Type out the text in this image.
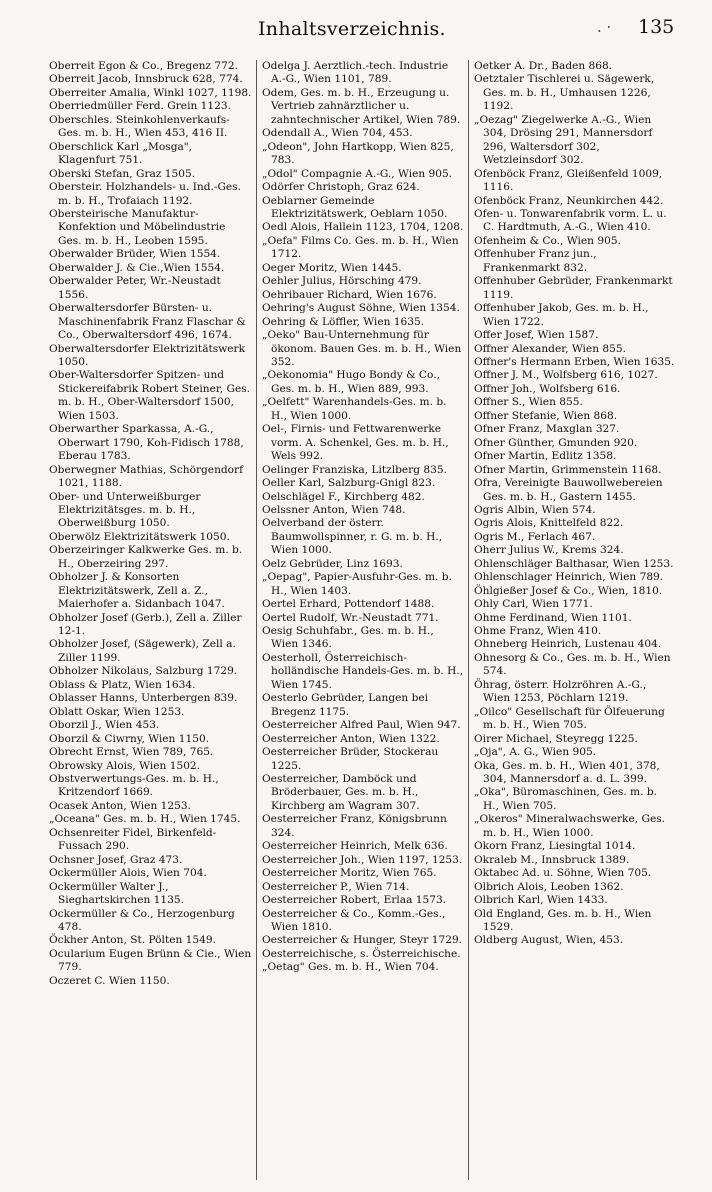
Inhaltsverzeichnis.	. · 135

Oberreit Egon & Co., Bregenz 772.

Oberreit Jacob, Innsbruck 628, 774.

Oberreiter Amalia, Winkl 1027, 1198.

Oberriedmüller Ferd. Grein 1123.

Oberschles. Steinkohlenverkaufs-Ges. m. b. H., Wien 453, 416 II.

Oberschlick Karl „Mosga", Klagenfurt 751.

Oberski Stefan, Graz 1505.

Obersteir. Holzhandels- u. Ind.-Ges. m. b. H., Trofaiach 1192.

Obersteirische Manufaktur-Konfektion und Möbelindustrie Ges. m. b. H., Leoben 1595.

Oberwalder Brüder, Wien 1554.

Oberwalder J. & Cie.,Wien 1554.

Oberwalder Peter, Wr.-Neustadt 1556.

Oberwaltersdorfer Bürsten- u. Maschinenfabrik Franz Flaschar & Co., Oberwaltersdorf 496, 1674.

Oberwaltersdorfer Elektrizitätswerk 1050.

Ober-Waltersdorfer Spitzen- und Stickereifabrik Robert Steiner, Ges. m. b. H., Ober-Waltersdorf 1500, Wien 1503.

Oberwarther Sparkassa, A.-G., Oberwart 1790, Koh-Fidisch 1788, Eberau 1783.

Oberwegner Mathias, Schörgendorf 1021, 1188.

Ober- und Unterweißburger Elektrizitätsges. m. b. H., Oberweißburg 1050.

Oberwölz Elektrizitätswerk 1050.

Oberzeiringer Kalkwerke Ges. m. b. H., Oberzeiring 297.

Obholzer J. & Konsorten Elektrizitätswerk, Zell a. Z., Maierhofer a. Sidanbach 1047.

Obholzer Josef (Gerb.), Zell a. Ziller 12-1.

Obholzer Josef, (Sägewerk), Zell a. Ziller 1199.

Obholzer Nikolaus, Salzburg 1729.

Oblass & Platz, Wien 1634.

Oblasser Hanns, Unterbergen 839.

Oblatt Oskar, Wien 1253.

Oborzil J., Wien 453.

Oborzil & Ciwrny, Wien 1150.

Obrecht Ernst, Wien 789, 765.

Obrowsky Alois, Wien 1502.

Obstverwertungs-Ges. m. b. H., Kritzendorf 1669.

Ocasek Anton, Wien 1253.

„Oceana" Ges. m. b. H., Wien 1745.

Ochsenreiter Fidel, Birkenfeld-Fussach 290.

Ochsner Josef, Graz 473.

Ockermüller Alois, Wien 704.

Ockermüller Walter J., Sieghartskirchen 1135.

Ockermüller & Co., Herzogenburg 478.

Öckher Anton, St. Pölten 1549.

Ocularium Eugen Brünn & Cie., Wien 779.

Oczeret C. Wien 1150.

Odelga J. Aerztlich.-tech. Industrie A.-G., Wien 1101, 789.

Odem, Ges. m. b. H., Erzeugung u. Vertrieb zahnärztlicher u. zahntechnischer Artikel, Wien 789.

Odendall A., Wien 704, 453.

„Odeon", John Hartkopp, Wien 825, 783.

„Odol" Compagnie A.-G., Wien 905.

Odörfer Christoph, Graz 624.

Oeblarner Gemeinde Elektrizitätswerk, Oeblarn 1050.

Oedl Alois, Hallein 1123, 1704, 1208.

„Oefa" Films Co. Ges. m. b. H., Wien 1712.

Oeger Moritz, Wien 1445.

Oehler Julius, Hörsching 479.

Oehribauer Richard, Wien 1676.

Oehring's August Söhne, Wien 1354.

Oehring & Löffler, Wien 1635.

„Oeko" Bau-Unternehmung für ökonom. Bauen Ges. m. b. H., Wien 352.

„Oekonomia" Hugo Bondy & Co., Ges. m. b. H., Wien 889, 993.

„Oelfett" Warenhandels-Ges. m. b. H., Wien 1000.

Oel-, Firnis- und Fettwarenwerke vorm. A. Schenkel, Ges. m. b. H., Wels 992.

Oelinger Franziska, Litzlberg 835.

Oeller Karl, Salzburg-Gnigl 823.

Oelschlägel F., Kirchberg 482.

Oelssner Anton, Wien 748.

Oelverband der österr. Baumwollspinner, r. G. m. b. H., Wien 1000.

Oelz Gebrüder, Linz 1693.

„Oepag", Papier-Ausfuhr-Ges. m. b. H., Wien 1403.

Oertel Erhard, Pottendorf 1488.

Oertel Rudolf, Wr.-Neustadt 771.

Oesig Schuhfabr., Ges. m. b. H., Wien 1346.

Oesterholl, Österreichisch-holländische Handels-Ges. m. b. H., Wien 1745.

Oesterlo Gebrüder, Langen bei Bregenz 1175.

Oesterreicher Alfred Paul, Wien 947.

Oesterreicher Anton, Wien 1322.

Oesterreicher Brüder, Stockerau 1225.

Oesterreicher, Damböck und Bröderbauer, Ges. m. b. H., Kirchberg am Wagram 307.

Oesterreicher Franz, Königsbrunn 324.

Oesterreicher Heinrich, Melk 636.

Oesterreicher Joh., Wien 1197, 1253.

Oesterreicher Moritz, Wien 765.

Oesterreicher P., Wien 714.

Oesterreicher Robert, Erlaa 1573.

Oesterreicher & Co., Komm.-Ges., Wien 1810.

Oesterreicher & Hunger, Steyr 1729.

Oesterreichische, s. Österreichische.

„Oetag" Ges. m. b. H., Wien 704.

Oetker A. Dr., Baden 868.

Oetztaler Tischlerei u. Sägewerk, Ges. m. b. H., Umhausen 1226, 1192.

„Oezag" Ziegelwerke A.-G., Wien 304, Drösing 291, Mannersdorf 296, Waltersdorf 302, Wetzleinsdorf 302.

Ofenböck Franz, Gleißenfeld 1009, 1116.

Ofenböck Franz, Neunkirchen 442.

Ofen- u. Tonwarenfabrik vorm. L. u. C. Hardtmuth, A.-G., Wien 410.

Ofenheim & Co., Wien 905.

Offenhuber Franz jun., Frankenmarkt 832.

Offenhuber Gebrüder, Frankenmarkt 1119.

Offenhuber Jakob, Ges. m. b. H., Wien 1722.

Offer Josef, Wien 1587.

Offner Alexander, Wien 855.

Offner's Hermann Erben, Wien 1635.

Offner J. M., Wolfsberg 616, 1027.

Offner Joh., Wolfsberg 616.

Offner S., Wien 855.

Offner Stefanie, Wien 868.

Ofner Franz, Maxglan 327.

Ofner Günther, Gmunden 920.

Ofner Martin, Edlitz 1358.

Ofner Martin, Grimmenstein 1168.

Ofra, Vereinigte Bauwollwebereien Ges. m. b. H., Gastern 1455.

Ogris Albin, Wien 574.

Ogris Alois, Knittelfeld 822.

Ogris M., Ferlach 467.

Oherr Julius W., Krems 324.

Ohlenschläger Balthasar, Wien 1253.

Ohlenschlager Heinrich, Wien 789.

Öhlgießer Josef & Co., Wien, 1810.

Ohly Carl, Wien 1771.

Ohme Ferdinand, Wien 1101.

Ohme Franz, Wien 410.

Ohneberg Heinrich, Lustenau 404.

Ohnesorg & Co., Ges. m. b. H., Wien 574.

Öhrag, österr. Holzröhren A.-G., Wien 1253, Pöchlarn 1219.

„Oilco" Gesellschaft für Ölfeuerung m. b. H., Wien 705.

Oirer Michael, Steyregg 1225.

„Oja", A. G., Wien 905.

Oka, Ges. m. b. H., Wien 401, 378, 304, Mannersdorf a. d. L. 399.

„Oka", Büromaschinen, Ges. m. b. H., Wien 705.

„Okeros" Mineralwachswerke, Ges. m. b. H., Wien 1000.

Okorn Franz, Liesingtal 1014.

Okraleb M., Innsbruck 1389.

Oktabec Ad. u. Söhne, Wien 705.

Olbrich Alois, Leoben 1362.

Olbrich Karl, Wien 1433.

Old England, Ges. m. b. H., Wien 1529.

Oldberg August, Wien, 453.
